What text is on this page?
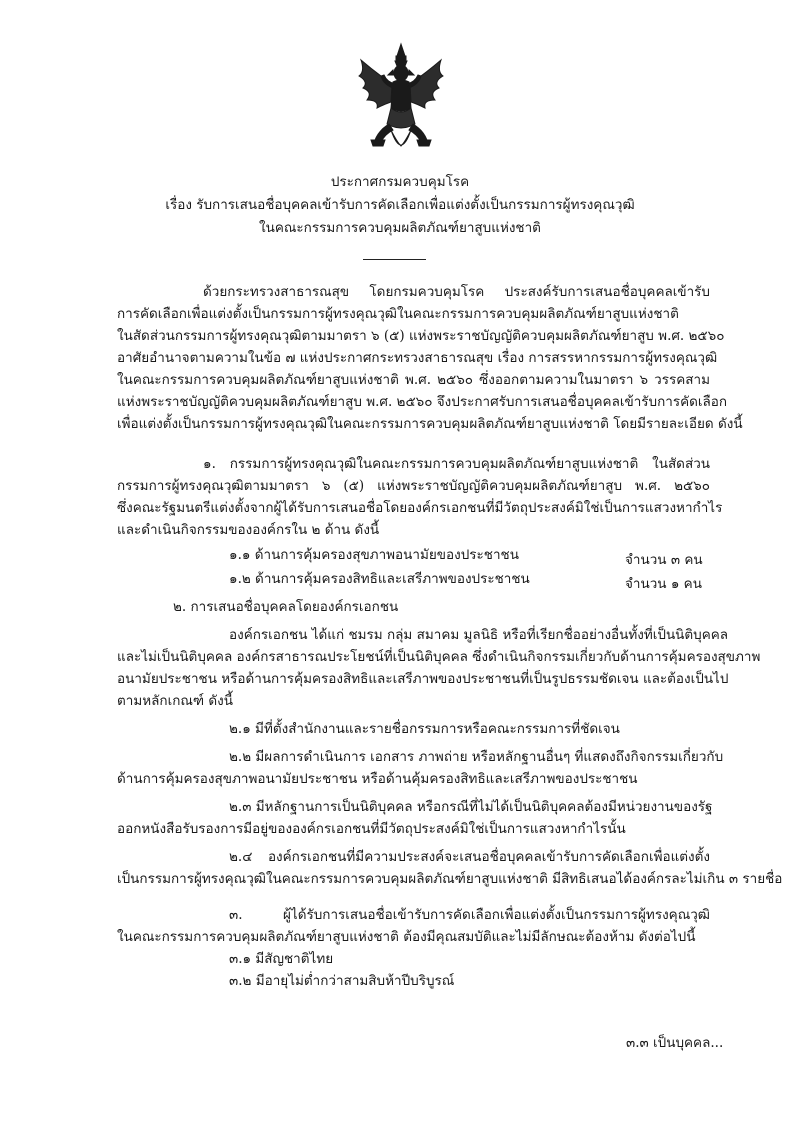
ประกาศกรมควบคุมโรค
เรื่อง รับการเสนอชื่อบุคคลเข้ารับการคัดเลือกเพื่อแต่งตั้งเป็นกรรมการผู้ทรงคุณวุฒิ
ในคณะกรรมการควบคุมผลิตภัณฑ์ยาสูบแห่งชาติ
ด้วยกระทรวงสาธารณสุข โดยกรมควบคุมโรค ประสงค์รับการเสนอชื่อบุคคลเข้ารับ
การคัดเลือกเพื่อแต่งตั้งเป็นกรรมการผู้ทรงคุณวุฒิในคณะกรรมการควบคุมผลิตภัณฑ์ยาสูบแห่งชาติ
ในสัดส่วนกรรมการผู้ทรงคุณวุฒิตามมาตรา ๖ (๕) แห่งพระราชบัญญัติควบคุมผลิตภัณฑ์ยาสูบ พ.ศ. ๒๕๖๐
อาศัยอำนาจตามความในข้อ ๗ แห่งประกาศกระทรวงสาธารณสุข เรื่อง การสรรหากรรมการผู้ทรงคุณวุฒิ
ในคณะกรรมการควบคุมผลิตภัณฑ์ยาสูบแห่งชาติ พ.ศ. ๒๕๖๐ ซึ่งออกตามความในมาตรา ๖ วรรคสาม
แห่งพระราชบัญญัติควบคุมผลิตภัณฑ์ยาสูบ พ.ศ. ๒๕๖๐ จึงประกาศรับการเสนอชื่อบุคคลเข้ารับการคัดเลือก
เพื่อแต่งตั้งเป็นกรรมการผู้ทรงคุณวุฒิในคณะกรรมการควบคุมผลิตภัณฑ์ยาสูบแห่งชาติ โดยมีรายละเอียด ดังนี้
๑. กรรมการผู้ทรงคุณวุฒิในคณะกรรมการควบคุมผลิตภัณฑ์ยาสูบแห่งชาติ ในสัดส่วน
กรรมการผู้ทรงคุณวุฒิตามมาตรา ๖ (๕) แห่งพระราชบัญญัติควบคุมผลิตภัณฑ์ยาสูบ พ.ศ. ๒๕๖๐
ซึ่งคณะรัฐมนตรีแต่งตั้งจากผู้ได้รับการเสนอชื่อโดยองค์กรเอกชนที่มีวัตถุประสงค์มิใช่เป็นการแสวงหากำไร
และดำเนินกิจกรรมขององค์กรใน ๒ ด้าน ดังนี้
๑.๑ ด้านการคุ้มครองสุขภาพอนามัยของประชาชน	จำนวน ๓ คน
๑.๒ ด้านการคุ้มครองสิทธิและเสรีภาพของประชาชน	จำนวน ๑ คน
๒. การเสนอชื่อบุคคลโดยองค์กรเอกชน
องค์กรเอกชน ได้แก่ ชมรม กลุ่ม สมาคม มูลนิธิ หรือที่เรียกชื่ออย่างอื่นทั้งที่เป็นนิติบุคคล
และไม่เป็นนิติบุคคล องค์กรสาธารณประโยชน์ที่เป็นนิติบุคคล ซึ่งดำเนินกิจกรรมเกี่ยวกับด้านการคุ้มครองสุขภาพ
อนามัยประชาชน หรือด้านการคุ้มครองสิทธิและเสรีภาพของประชาชนที่เป็นรูปธรรมชัดเจน และต้องเป็นไป
ตามหลักเกณฑ์ ดังนี้
๒.๑ มีที่ตั้งสำนักงานและรายชื่อกรรมการหรือคณะกรรมการที่ชัดเจน
๒.๒ มีผลการดำเนินการ เอกสาร ภาพถ่าย หรือหลักฐานอื่นๆ ที่แสดงถึงกิจกรรมเกี่ยวกับ
ด้านการคุ้มครองสุขภาพอนามัยประชาชน หรือด้านคุ้มครองสิทธิและเสรีภาพของประชาชน
๒.๓ มีหลักฐานการเป็นนิติบุคคล หรือกรณีที่ไม่ได้เป็นนิติบุคคลต้องมีหน่วยงานของรัฐ
ออกหนังสือรับรองการมีอยู่ขององค์กรเอกชนที่มีวัตถุประสงค์มิใช่เป็นการแสวงหากำไรนั้น
๒.๔ องค์กรเอกชนที่มีความประสงค์จะเสนอชื่อบุคคลเข้ารับการคัดเลือกเพื่อแต่งตั้ง
เป็นกรรมการผู้ทรงคุณวุฒิในคณะกรรมการควบคุมผลิตภัณฑ์ยาสูบแห่งชาติ มีสิทธิเสนอได้องค์กรละไม่เกิน ๓ รายชื่อ
๓. ผู้ได้รับการเสนอชื่อเข้ารับการคัดเลือกเพื่อแต่งตั้งเป็นกรรมการผู้ทรงคุณวุฒิ
ในคณะกรรมการควบคุมผลิตภัณฑ์ยาสูบแห่งชาติ ต้องมีคุณสมบัติและไม่มีลักษณะต้องห้าม ดังต่อไปนี้
๓.๑ มีสัญชาติไทย
๓.๒ มีอายุไม่ต่ำกว่าสามสิบห้าปีบริบูรณ์
๓.๓ เป็นบุคคล...
